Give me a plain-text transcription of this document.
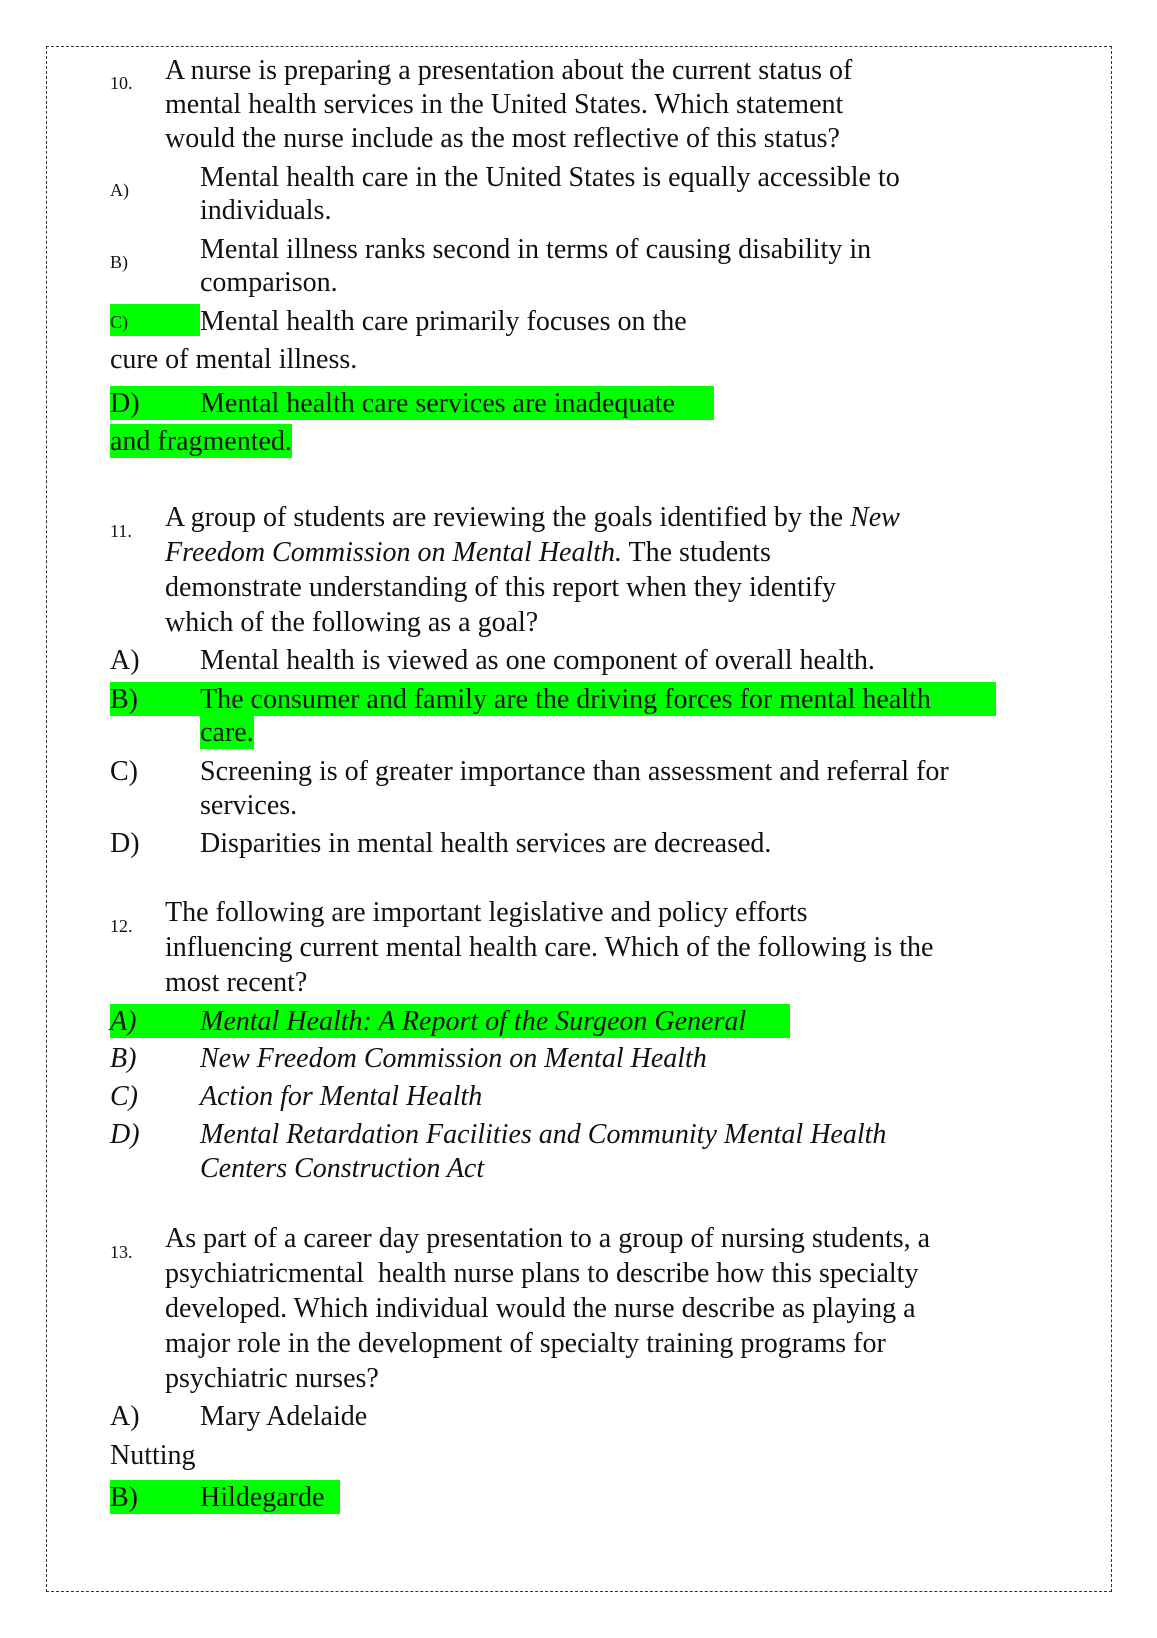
10. A nurse is preparing a presentation about the current status of
mental health services in the United States. Which statement
would the nurse include as the most reflective of this status?
A)	Mental health care in the United States is equally accessible to
individuals.
B)	Mental illness ranks second in terms of causing disability in
comparison.
C)	Mental health care primarily focuses on the
cure of mental illness.
D) Mental health care services are inadequate
and fragmented.
11. A group of students are reviewing the goals identified by the New
Freedom Commission on Mental Health. The students
demonstrate understanding of this report when they identify
which of the following as a goal?
A) Mental health is viewed as one component of overall health.
B) The consumer and family are the driving forces for mental health
care.
C) Screening is of greater importance than assessment and referral for
services.
D) Disparities in mental health services are decreased.
12. The following are important legislative and policy efforts
influencing current mental health care. Which of the following is the
most recent?
A) Mental Health: A Report of the Surgeon General
B) New Freedom Commission on Mental Health
C) Action for Mental Health
D) Mental Retardation Facilities and Community Mental Health
Centers Construction Act
13. As part of a career day presentation to a group of nursing students, a
psychiatricmental  health nurse plans to describe how this specialty
developed. Which individual would the nurse describe as playing a
major role in the development of specialty training programs for
psychiatric nurses?
A) Mary Adelaide
Nutting
B) Hildegarde
